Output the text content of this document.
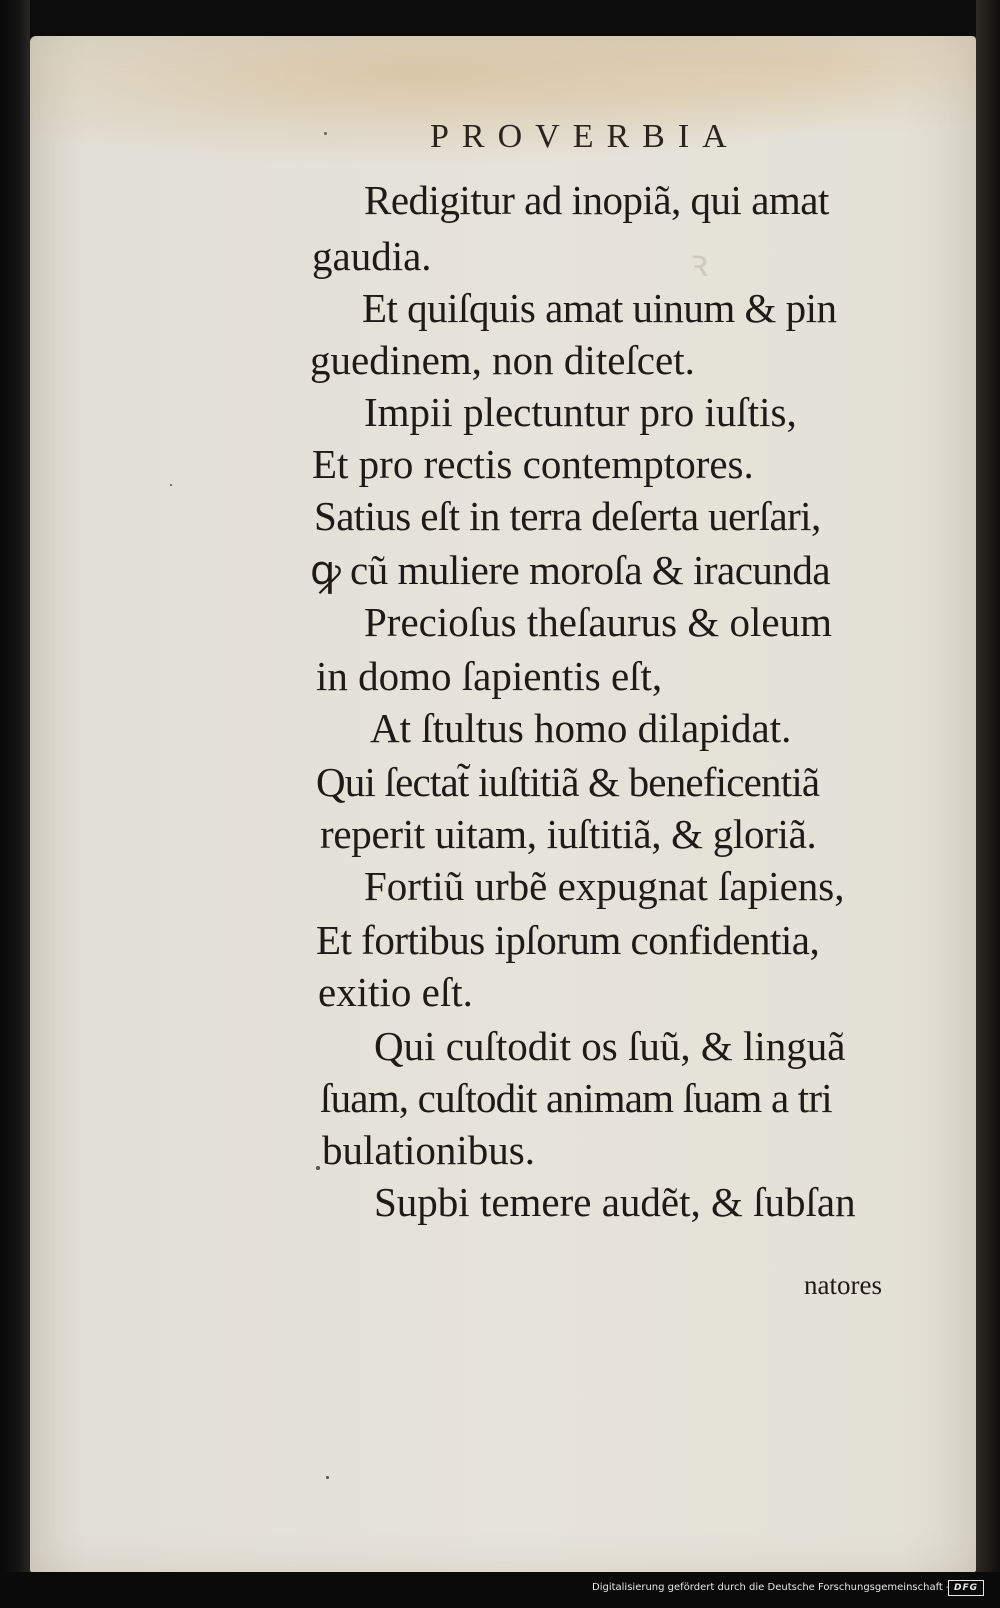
ꝛ
PROVERBIA
Redigitur ad inopiã, qui amat
gaudia.
Et quiſquis amat uinum & pin
guedinem, non diteſcet.
Impii plectuntur pro iuſtis,
Et pro rectis contemptores.
Satius eſt in terra deſerta uerſari,
ꝙ cũ muliere moroſa & iracunda
Precioſus theſaurus & oleum
in domo ſapientis eſt,
At ſtultus homo dilapidat.
Qui ſectat̃ iuſtitiã & beneficentiã
reperit uitam, iuſtitiã, & gloriã.
Fortiũ urbẽ expugnat ſapiens,
Et fortibus ipſorum confidentia,
exitio eſt.
Qui cuſtodit os ſuũ, & linguã
ſuam, cuſtodit animam ſuam a tri
bulationibus.
Supbi temere audẽt, & ſubſan
natores
Digitalisierung gefördert durch die Deutsche Forschungsgemeinschaft - DFG
